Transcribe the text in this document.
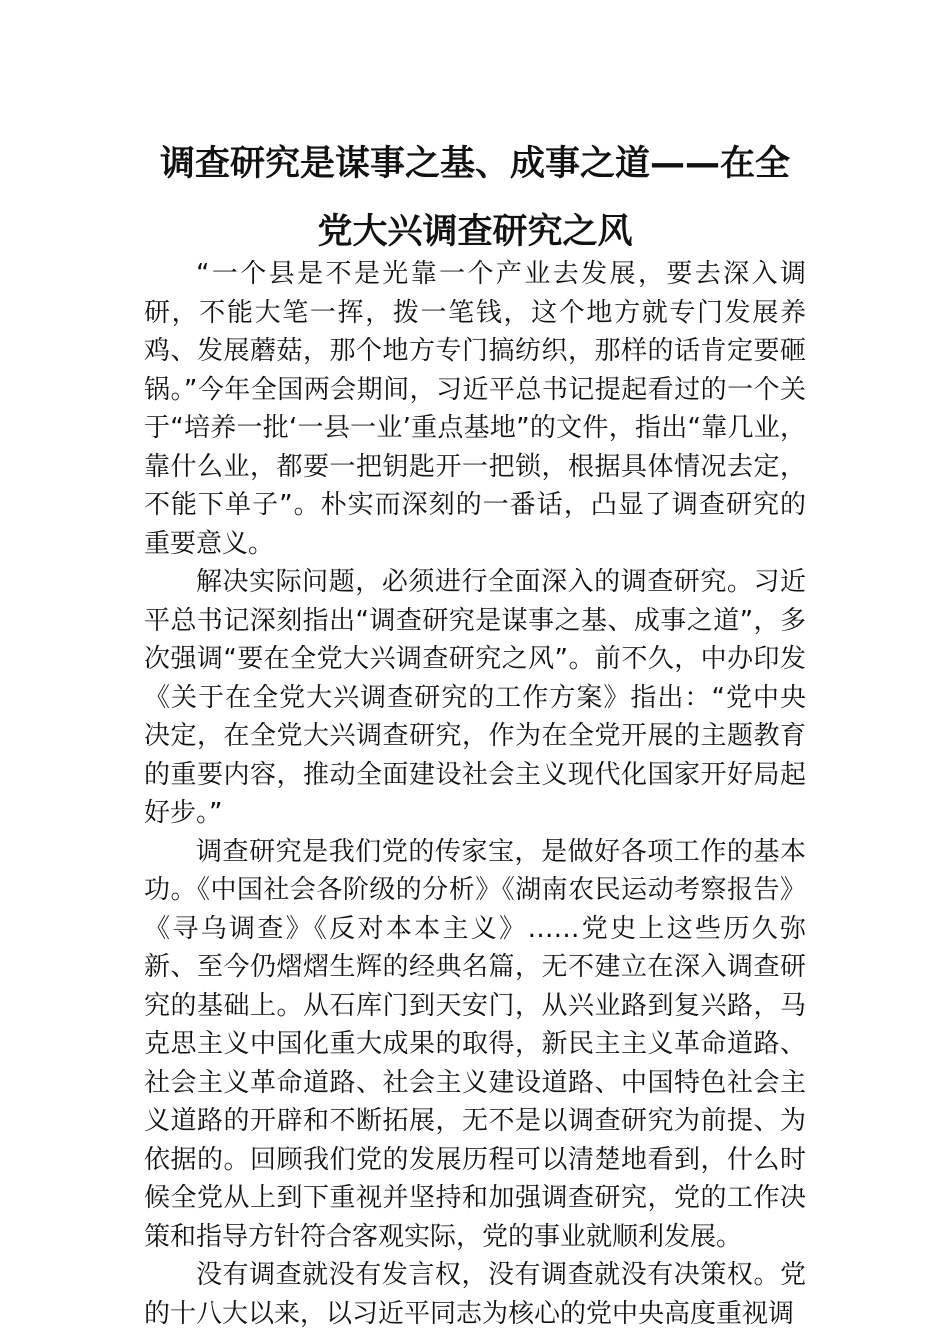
调查研究是谋事之基、成事之道——在全
党大兴调查研究之风

“一个县是不是光靠一个产业去发展，要去深入调研，不能大笔一挥，拨一笔钱，这个地方就专门发展养鸡、发展蘑菇，那个地方专门搞纺织，那样的话肯定要砸锅。”今年全国两会期间，习近平总书记提起看过的一个关于“培养一批‘一县一业’重点基地”的文件，指出“靠几业，靠什么业，都要一把钥匙开一把锁，根据具体情况去定，不能下单子”。朴实而深刻的一番话，凸显了调查研究的重要意义。

解决实际问题，必须进行全面深入的调查研究。习近平总书记深刻指出“调查研究是谋事之基、成事之道”，多次强调“要在全党大兴调查研究之风”。前不久，中办印发《关于在全党大兴调查研究的工作方案》指出：“党中央决定，在全党大兴调查研究，作为在全党开展的主题教育的重要内容，推动全面建设社会主义现代化国家开好局起好步。”

调查研究是我们党的传家宝，是做好各项工作的基本功。《中国社会各阶级的分析》《湖南农民运动考察报告》《寻乌调查》《反对本本主义》……党史上这些历久弥新、至今仍熠熠生辉的经典名篇，无不建立在深入调查研究的基础上。从石库门到天安门，从兴业路到复兴路，马克思主义中国化重大成果的取得，新民主主义革命道路、社会主义革命道路、社会主义建设道路、中国特色社会主义道路的开辟和不断拓展，无不是以调查研究为前提、为依据的。回顾我们党的发展历程可以清楚地看到，什么时候全党从上到下重视并坚持和加强调查研究，党的工作决策和指导方针符合客观实际，党的事业就顺利发展。

没有调查就没有发言权，没有调查就没有决策权。党的十八大以来，以习近平同志为核心的党中央高度重视调
